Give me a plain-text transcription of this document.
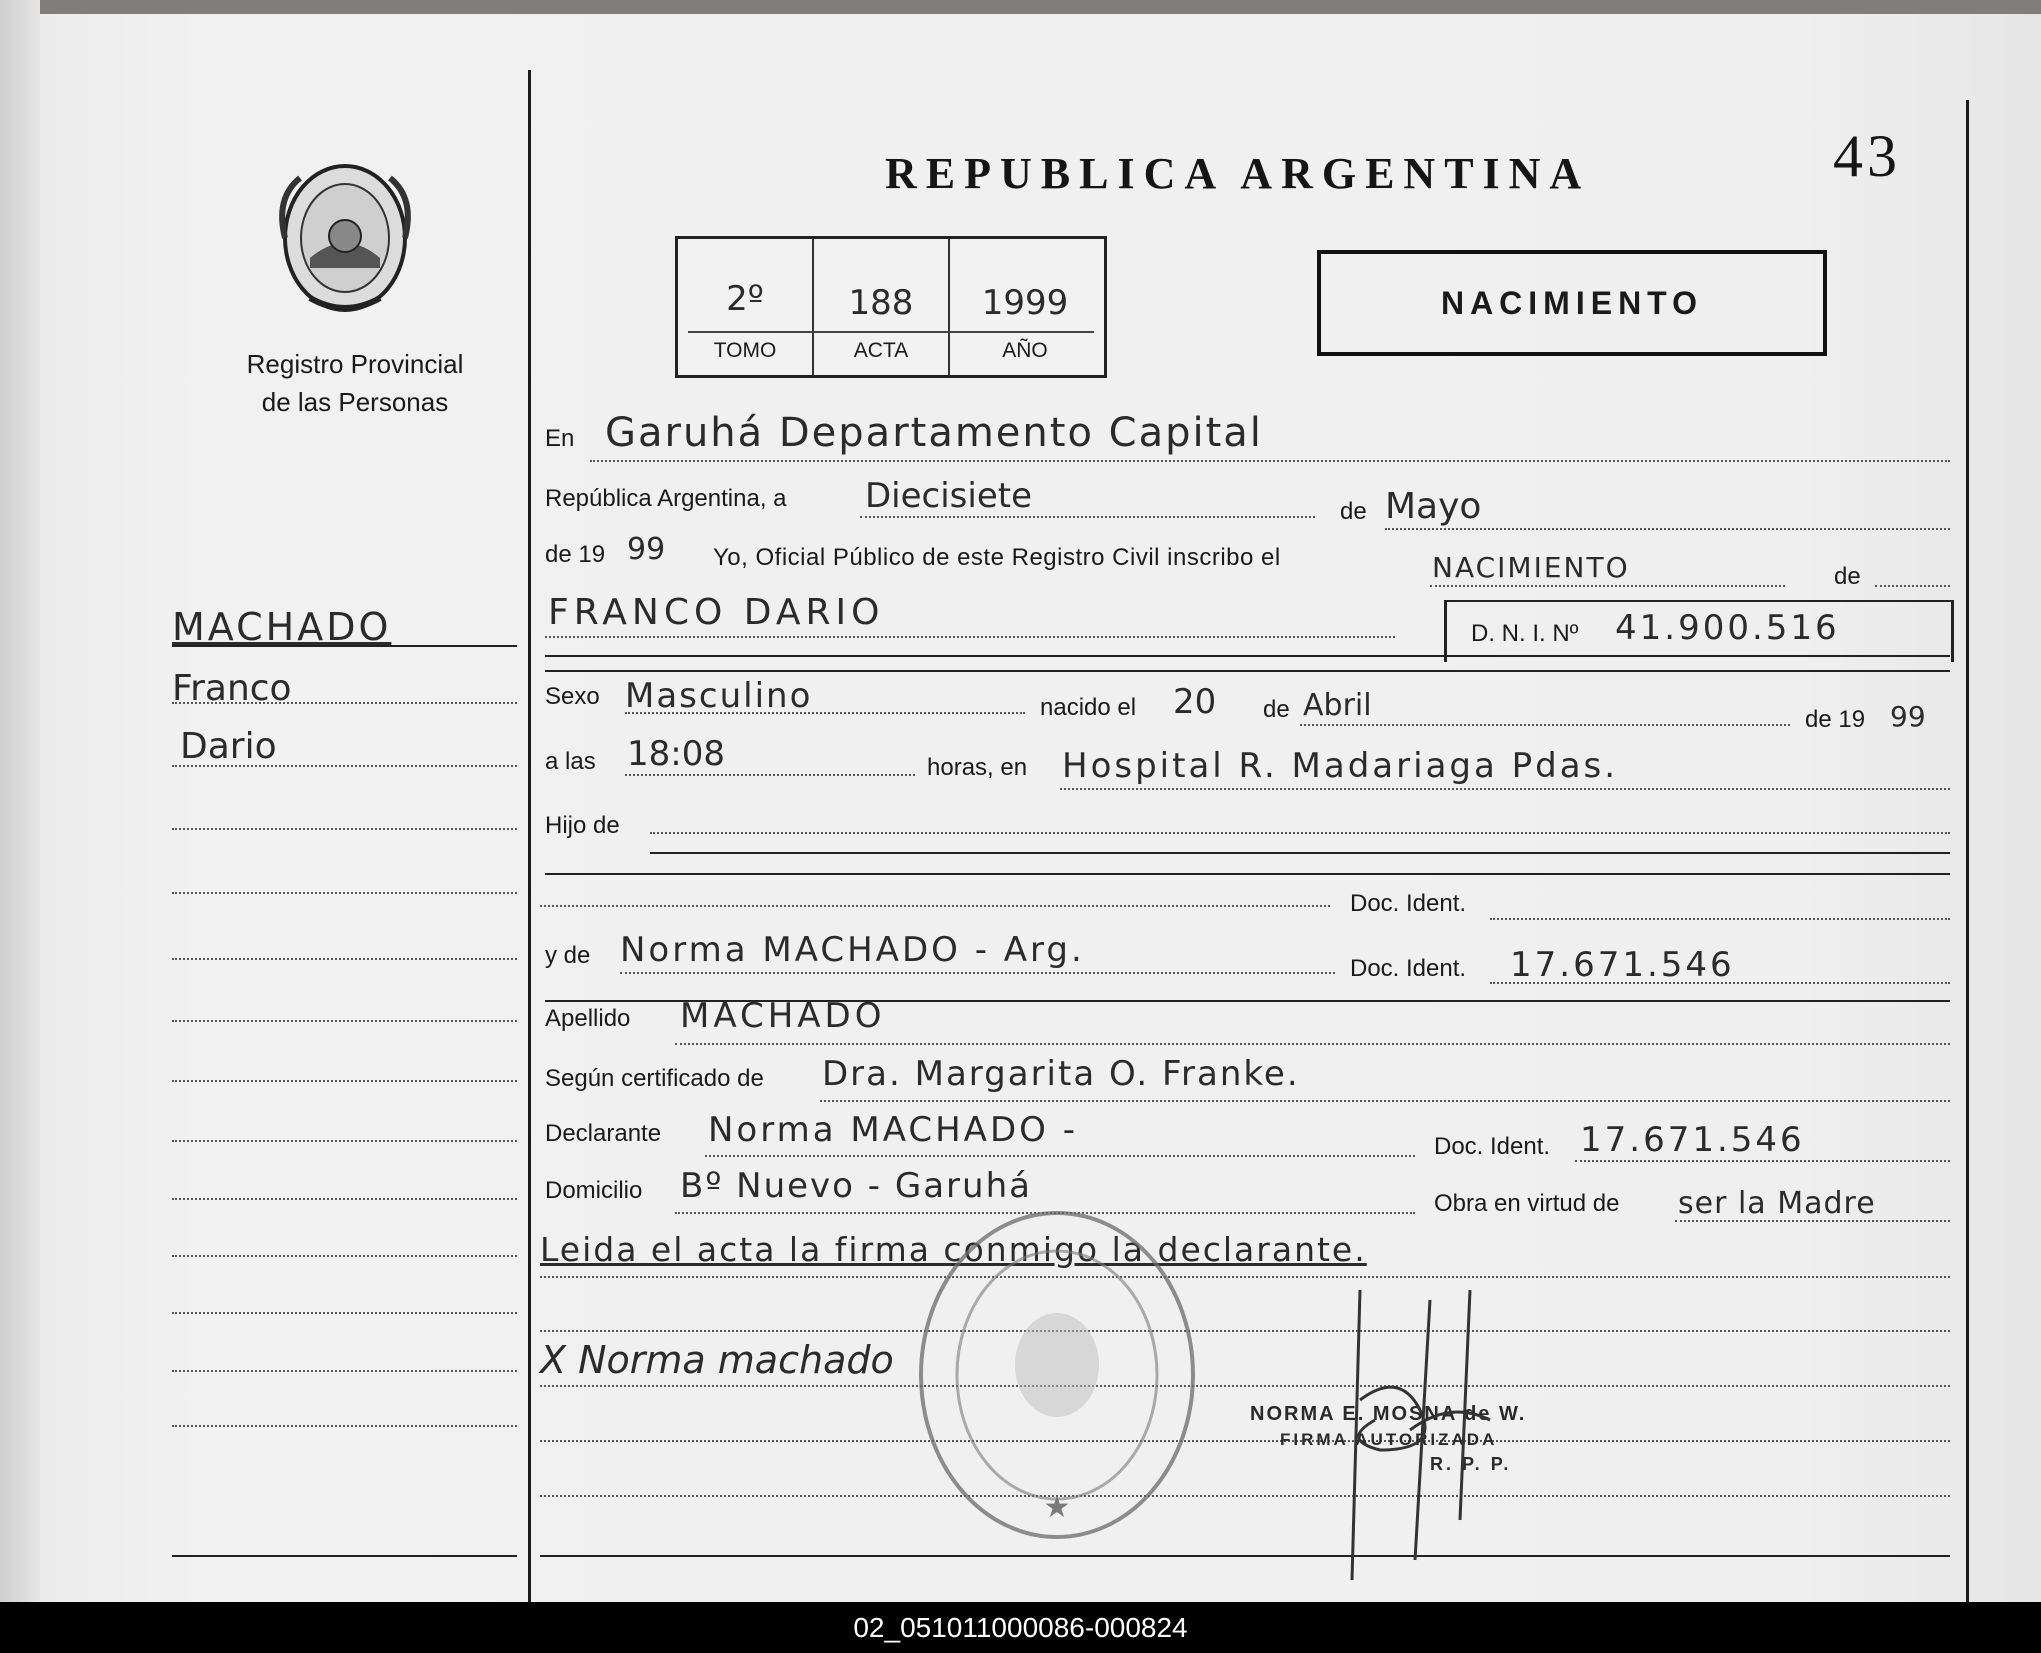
Registro Provincial
de las Personas
REPUBLICA ARGENTINA	43
2º	188	1999
TOMO	ACTA	AÑO
NACIMIENTO
MACHADO
Franco
Dario
En Garuhá Departamento Capital
República Argentina, a Diecisiete	de Mayo
de 19 99 Yo, Oficial Público de este Registro Civil inscribo el	NACIMIENTO	de
FRANCO DARIO
D. N. I. Nº 41.900.516
Sexo Masculino	nacido el 20 de Abril	de 19 99
a las 18:08	horas, en Hospital R. Madariaga Pdas.
Hijo de
Doc. Ident.
y de Norma MACHADO - Arg.	Doc. Ident. 17.671.546
Apellido MACHADO
Según certificado de Dra. Margarita O. Franke.
Declarante Norma MACHADO -	Doc. Ident. 17.671.546
Domicilio Bº Nuevo - Garuhá	Obra en virtud de ser la Madre
Leida el acta la firma conmigo la declarante.
X Norma machado
★
NORMA E. MOSNA de W.
FIRMA AUTORIZADA
R. P. P.
02_051011000086-000824
